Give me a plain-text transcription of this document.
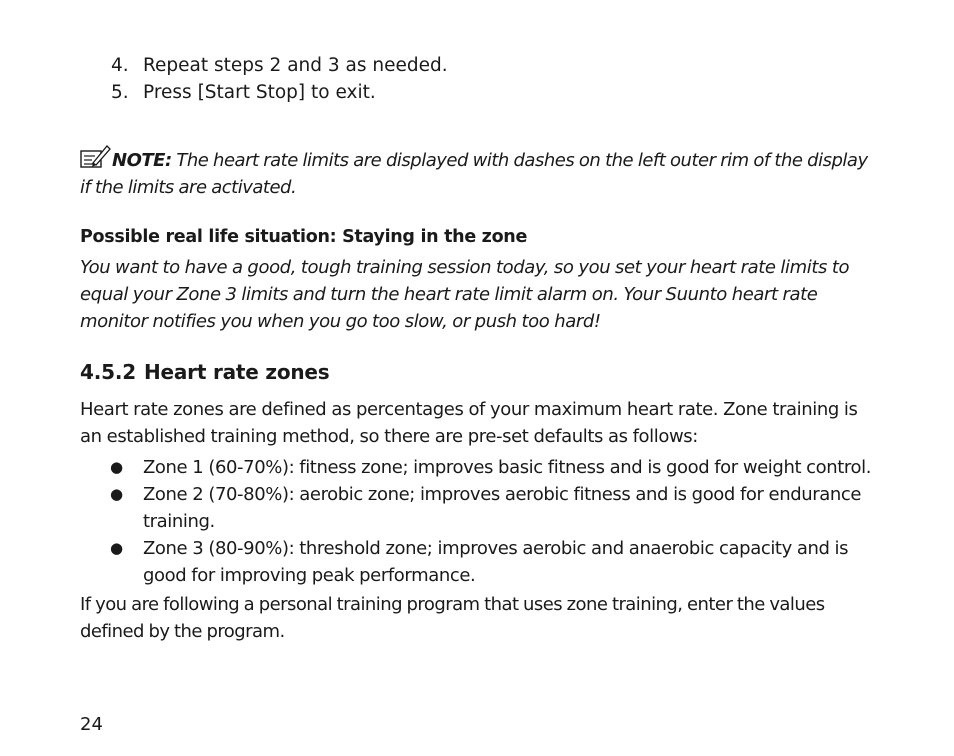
4. Repeat steps 2 and 3 as needed.
5. Press [Start Stop] to exit.
NOTE: The heart rate limits are displayed with dashes on the left outer rim of the display if the limits are activated.
Possible real life situation: Staying in the zone
You want to have a good, tough training session today, so you set your heart rate limits to equal your Zone 3 limits and turn the heart rate limit alarm on. Your Suunto heart rate monitor notifies you when you go too slow, or push too hard!
4.5.2 Heart rate zones
Heart rate zones are defined as percentages of your maximum heart rate. Zone training is an established training method, so there are pre-set defaults as follows:
● Zone 1 (60-70%): fitness zone; improves basic fitness and is good for weight control.
● Zone 2 (70-80%): aerobic zone; improves aerobic fitness and is good for endurance training.
● Zone 3 (80-90%): threshold zone; improves aerobic and anaerobic capacity and is good for improving peak performance.
If you are following a personal training program that uses zone training, enter the values defined by the program.
24
